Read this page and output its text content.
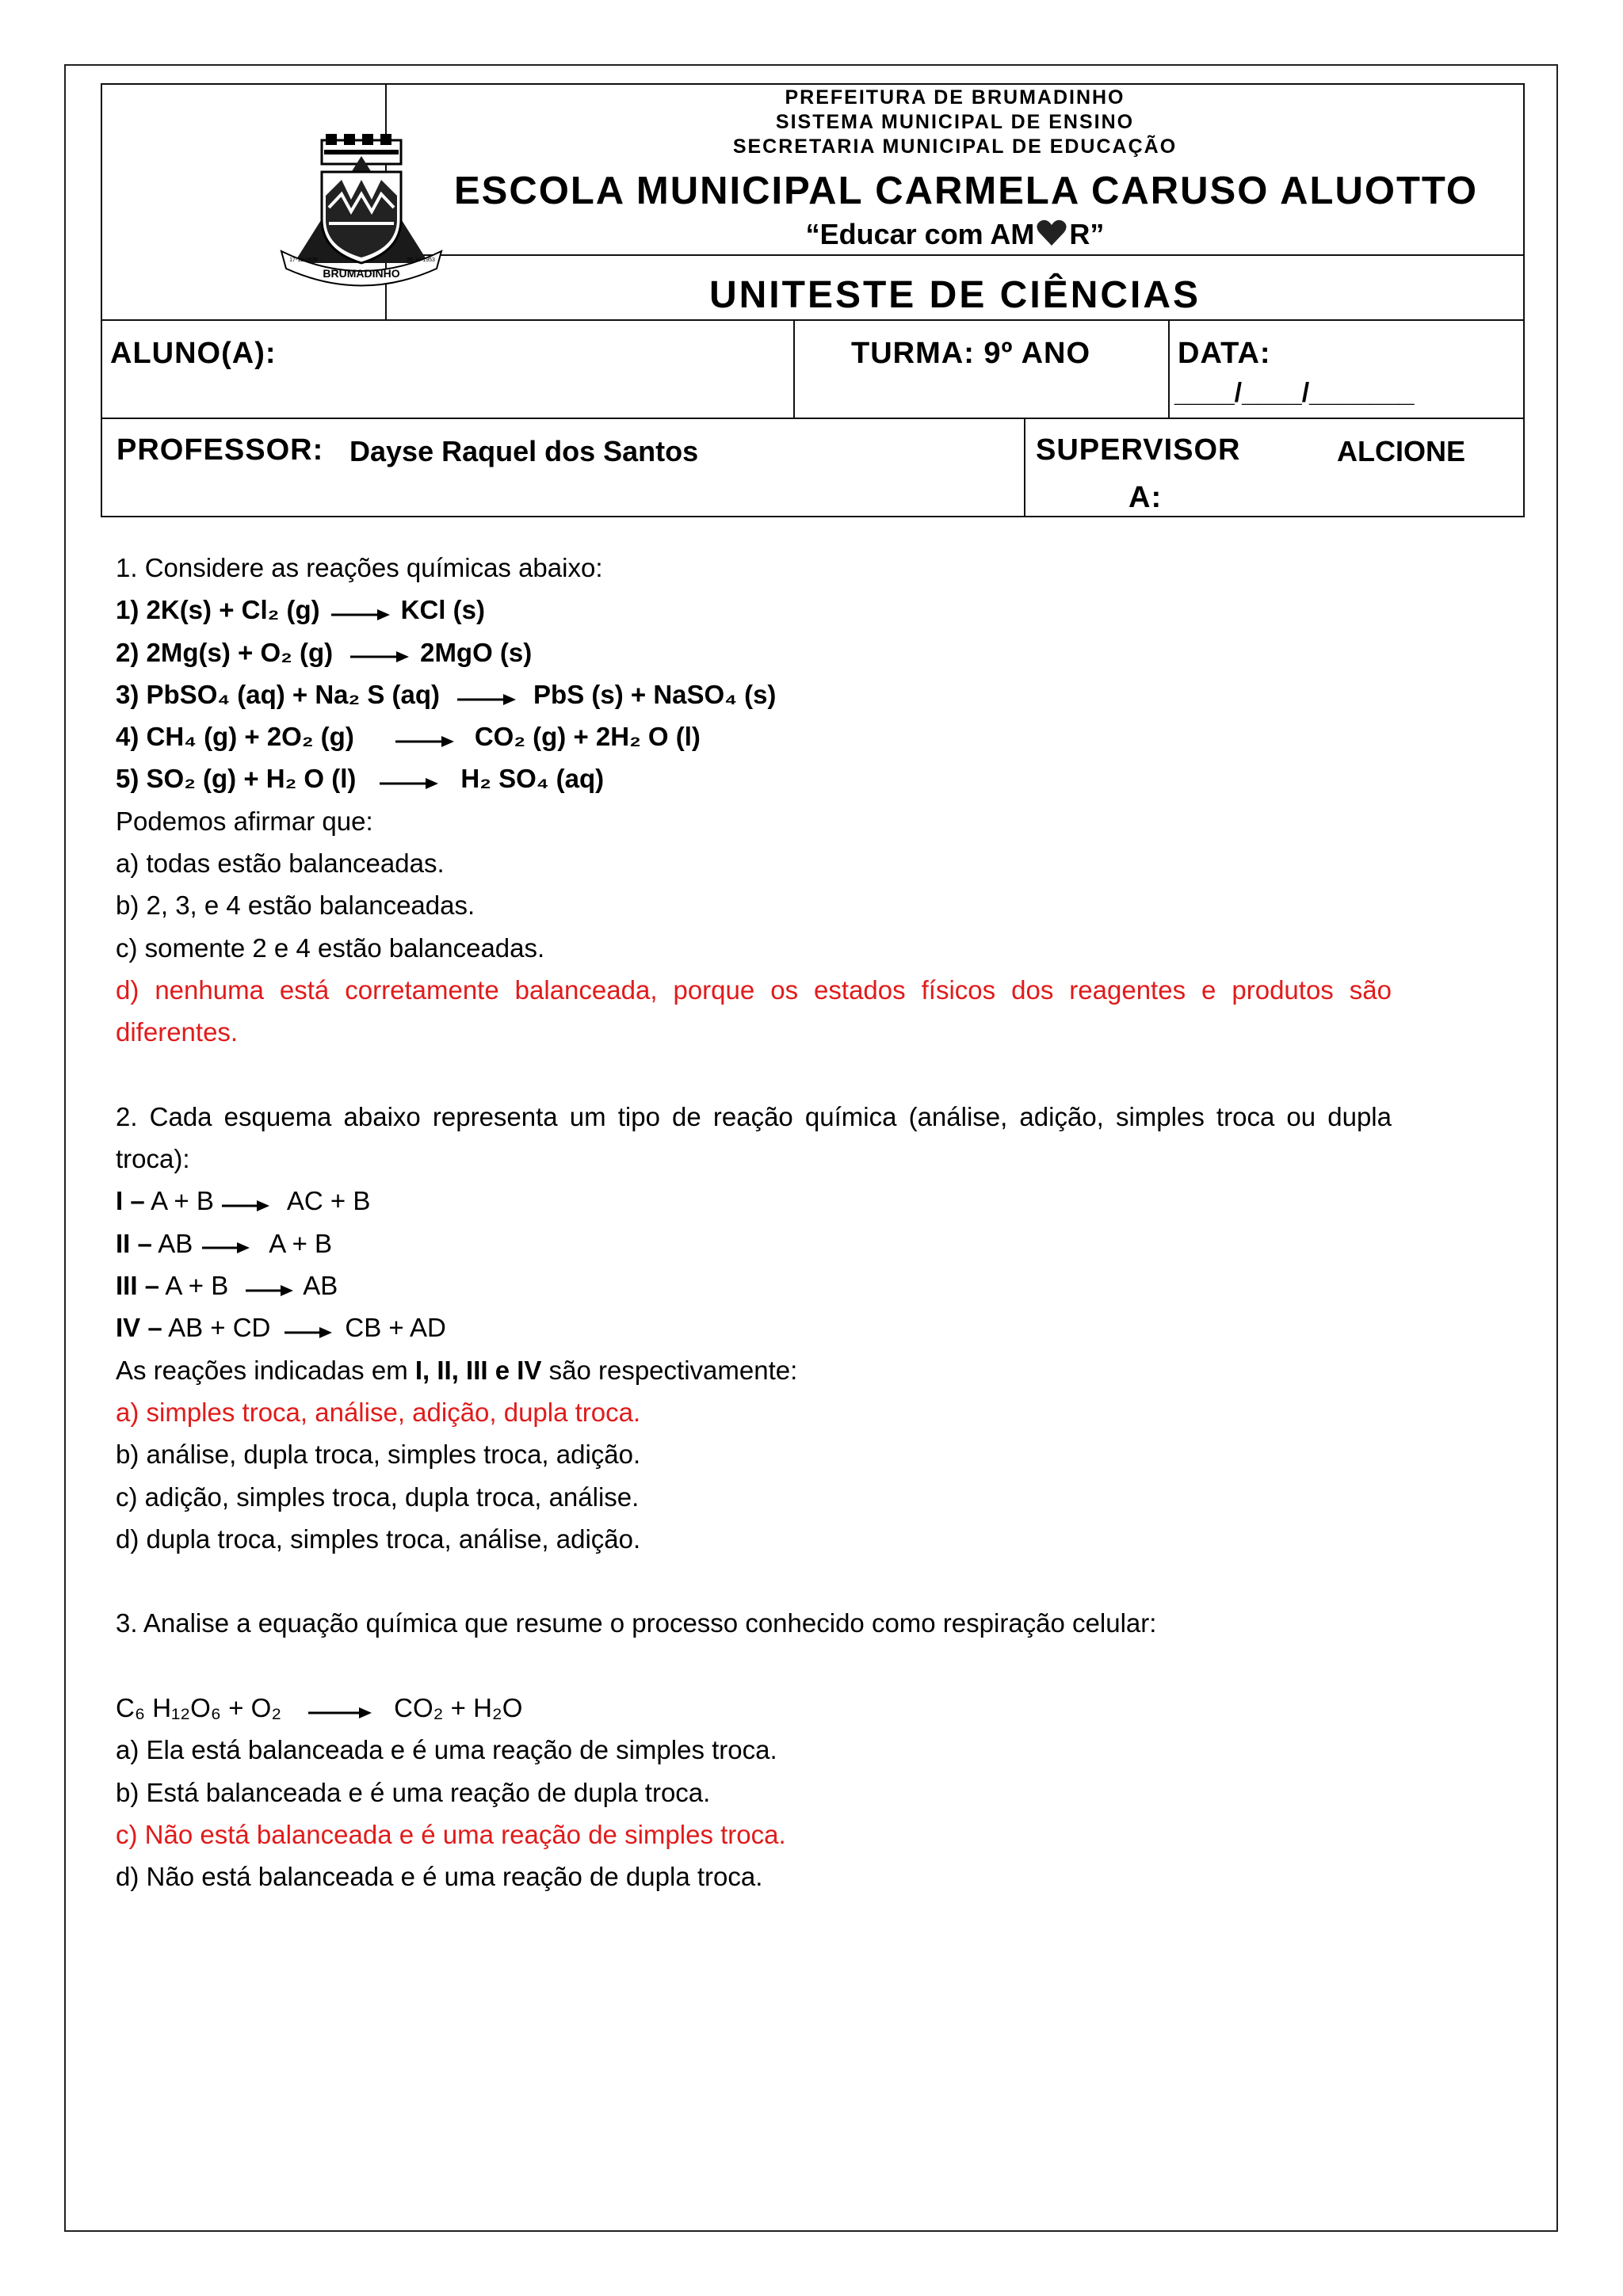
BRUMADINHO
17-12-1938	28-10-1953
PREFEITURA DE BRUMADINHO
SISTEMA MUNICIPAL DE ENSINO
SECRETARIA MUNICIPAL DE EDUCAÇÃO
ESCOLA MUNICIPAL CARMELA CARUSO ALUOTTO
“Educar com AM R”
UNITESTE DE CIÊNCIAS
ALUNO(A):	TURMA: 9º ANO	DATA:
____/____/_______
PROFESSOR: Dayse Raquel dos Santos	SUPERVISOR
A:
ALCIONE
1. Considere as reações químicas abaixo:
1) 2K(s) + Cl₂ (g)	KCl (s)
2) 2Mg(s) + O₂ (g)	2MgO (s)
3) PbSO₄ (aq) + Na₂ S (aq)	PbS (s) + NaSO₄ (s)
4) CH₄ (g) + 2O₂ (g)	CO₂ (g) + 2H₂ O (l)
5) SO₂ (g) + H₂ O (l)	H₂ SO₄ (aq)
Podemos afirmar que:
a) todas estão balanceadas.
b) 2, 3, e 4 estão balanceadas.
c) somente 2 e 4 estão balanceadas.
d) nenhuma está corretamente balanceada, porque os estados físicos dos reagentes e produtos são diferentes.
2. Cada esquema abaixo representa um tipo de reação química (análise, adição, simples troca ou dupla troca):
I – A + B	AC + B
II – AB	A + B
III – A + B	AB
IV – AB + CD	CB + AD
As reações indicadas em I, II, III e IV são respectivamente:
a) simples troca, análise, adição, dupla troca.
b) análise, dupla troca, simples troca, adição.
c) adição, simples troca, dupla troca, análise.
d) dupla troca, simples troca, análise, adição.
3. Analise a equação química que resume o processo conhecido como respiração celular:
C₆ H₁₂O₆ + O₂	CO₂ + H₂O
a) Ela está balanceada e é uma reação de simples troca.
b) Está balanceada e é uma reação de dupla troca.
c) Não está balanceada e é uma reação de simples troca.
d) Não está balanceada e é uma reação de dupla troca.
